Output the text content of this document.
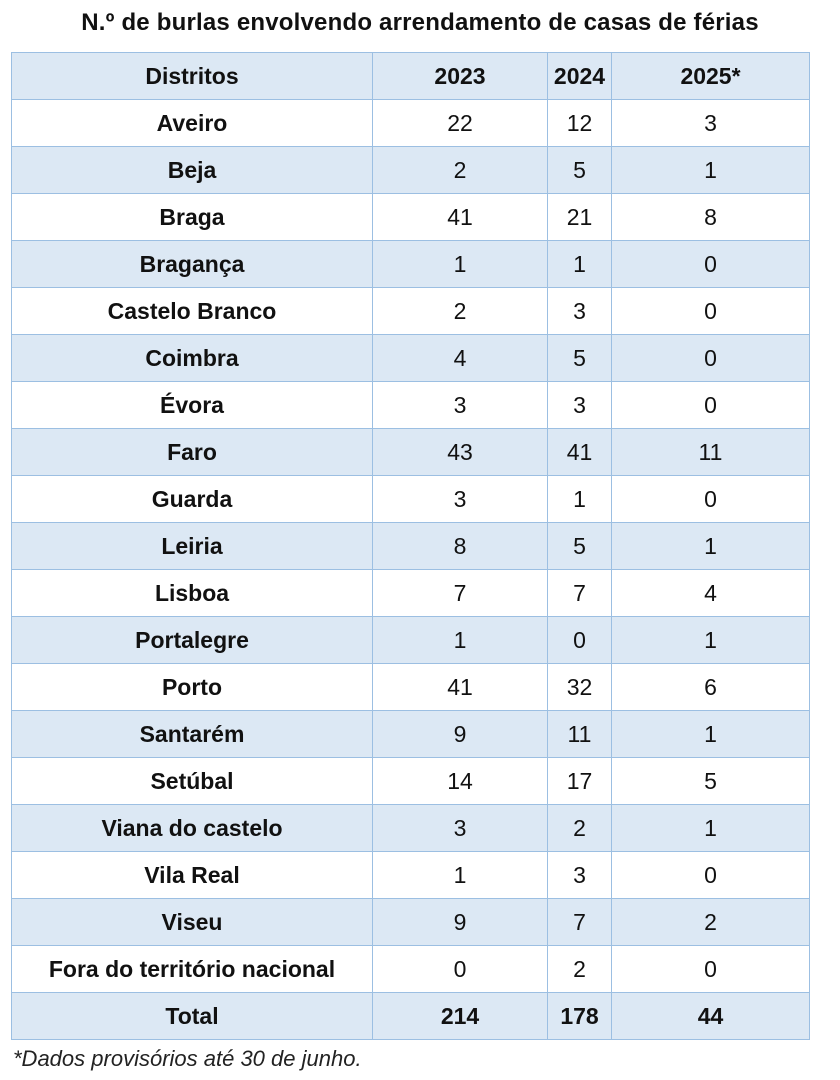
N.º de burlas envolvendo arrendamento de casas de férias
Distritos	2023	2024	2025*
Aveiro	22	12	3
Beja	2	5	1
Braga	41	21	8
Bragança	1	1	0
Castelo Branco	2	3	0
Coimbra	4	5	0
Évora	3	3	0
Faro	43	41	11
Guarda	3	1	0
Leiria	8	5	1
Lisboa	7	7	4
Portalegre	1	0	1
Porto	41	32	6
Santarém	9	11	1
Setúbal	14	17	5
Viana do castelo	3	2	1
Vila Real	1	3	0
Viseu	9	7	2
Fora do território nacional	0	2	0
Total	214	178	44
*Dados provisórios até 30 de junho.
